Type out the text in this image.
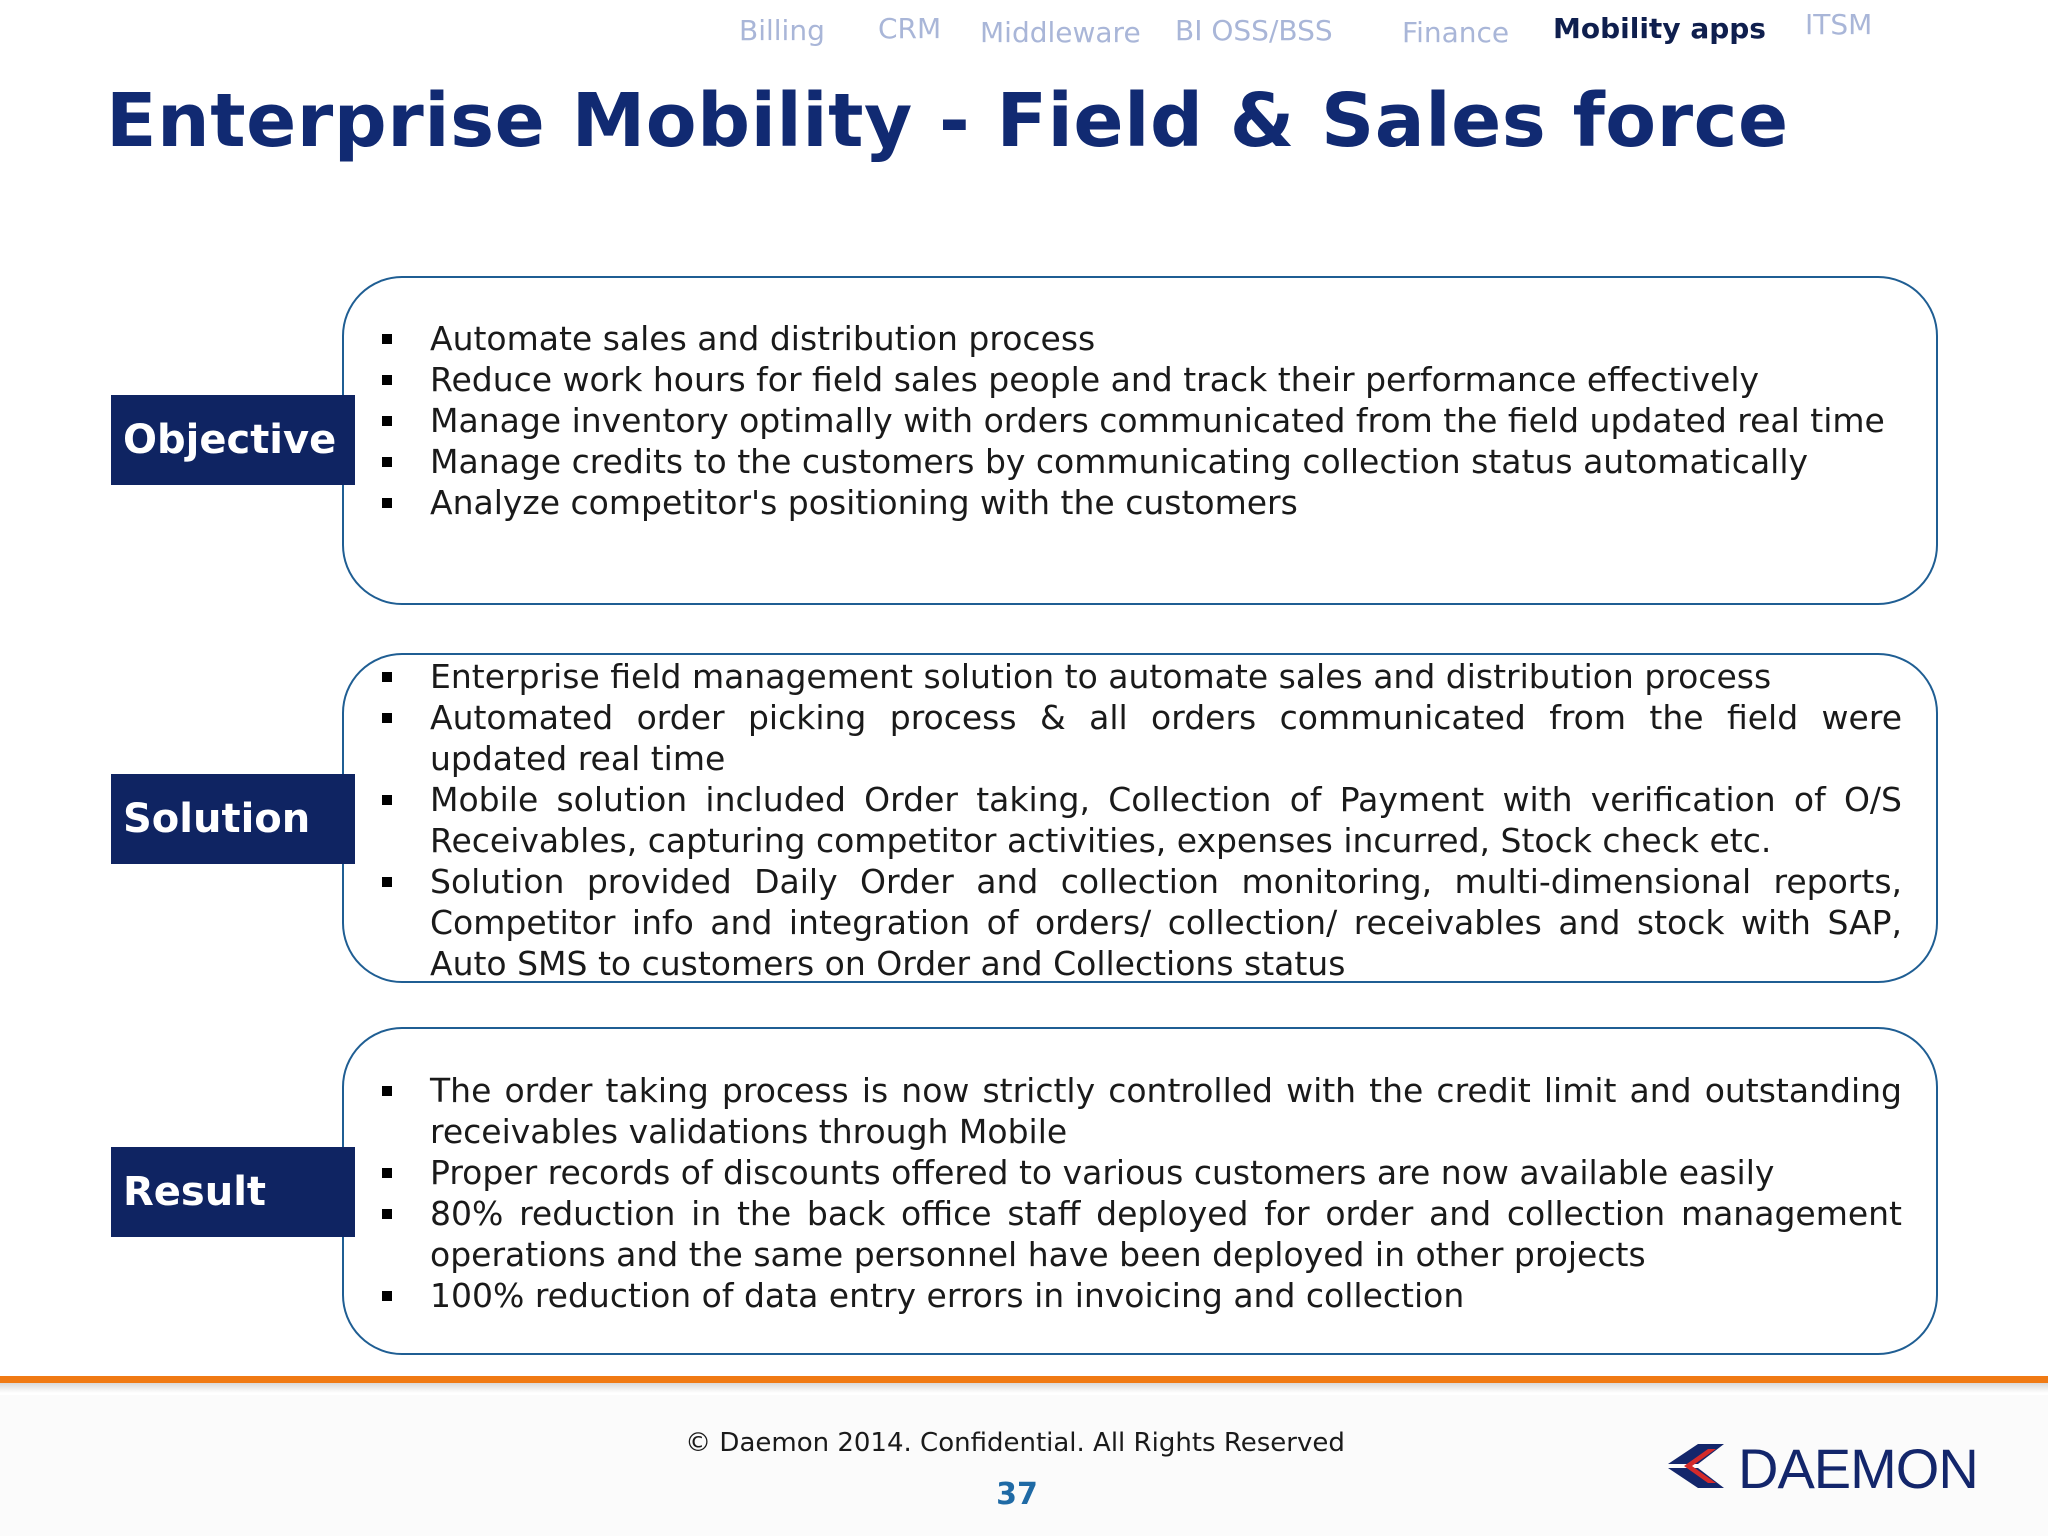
Billing CRM Middleware BI OSS/BSS Finance Mobility apps ITSM
Enterprise Mobility - Field & Sales force
Objective
Automate sales and distribution process
Reduce work hours for field sales people and track their performance effectively
Manage inventory optimally with orders communicated from the field updated real time
Manage credits to the customers by communicating collection status automatically
Analyze competitor's positioning with the customers
Solution
Enterprise field management solution to automate sales and distribution process
Automated order picking process & all orders communicated from the field were updated real time
Mobile solution included Order taking, Collection of Payment with verification of O/S Receivables, capturing competitor activities, expenses incurred, Stock check etc.
Solution provided Daily Order and collection monitoring, multi-dimensional reports, Competitor info and integration of orders/ collection/ receivables and stock with SAP, Auto SMS to customers on Order and Collections status
Result
The order taking process is now strictly controlled with the credit limit and outstanding receivables validations through Mobile
Proper records of discounts offered to various customers are now available easily
80% reduction in the back office staff deployed for order and collection management operations and the same personnel have been deployed in other projects
100% reduction of data entry errors in invoicing and collection
© Daemon 2014. Confidential. All Rights Reserved
37	DAEMON
